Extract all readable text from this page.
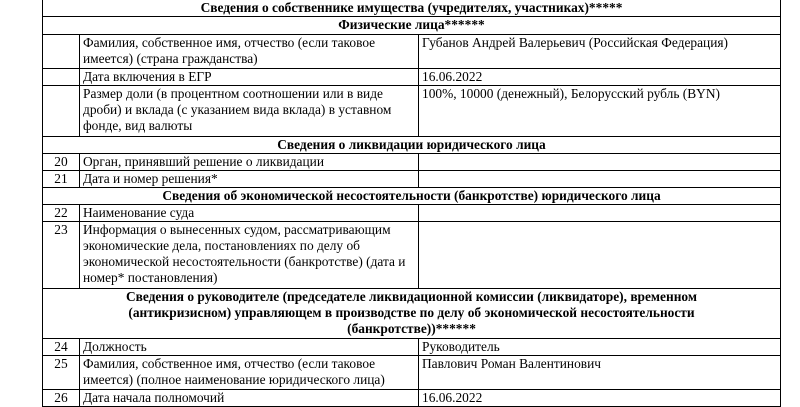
Сведения о собственнике имущества (учредителях, участниках)*****		
Физические лица******		
	Фамилия, собственное имя, отчество (если таковое имеется) (страна гражданства)	Губанов Андрей Валерьевич (Российская Федерация)
	Дата включения в ЕГР	16.06.2022
	Размер доли (в процентном соотношении или в виде дроби) и вклада (с указанием вида вклада) в уставном фонде, вид валюты	100%, 10000 (денежный), Белорусский рубль (BYN)
Сведения о ликвидации юридического лица		
20	Орган, принявший решение о ликвидации	
21	Дата и номер решения*	
Сведения об экономической несостоятельности (банкротстве) юридического лица		
22	Наименование суда	
23	Информация о вынесенных судом, рассматривающим экономические дела, постановлениях по делу об экономической несостоятельности (банкротстве) (дата и номер* постановления)	
Сведения о руководителе (председателе ликвидационной комиссии (ликвидаторе), временном (антикризисном) управляющем в производстве по делу об экономической несостоятельности (банкротстве))******		
24	Должность	Руководитель
25	Фамилия, собственное имя, отчество (если таковое имеется) (полное наименование юридического лица)	Павлович Роман Валентинович
26	Дата начала полномочий	16.06.2022
